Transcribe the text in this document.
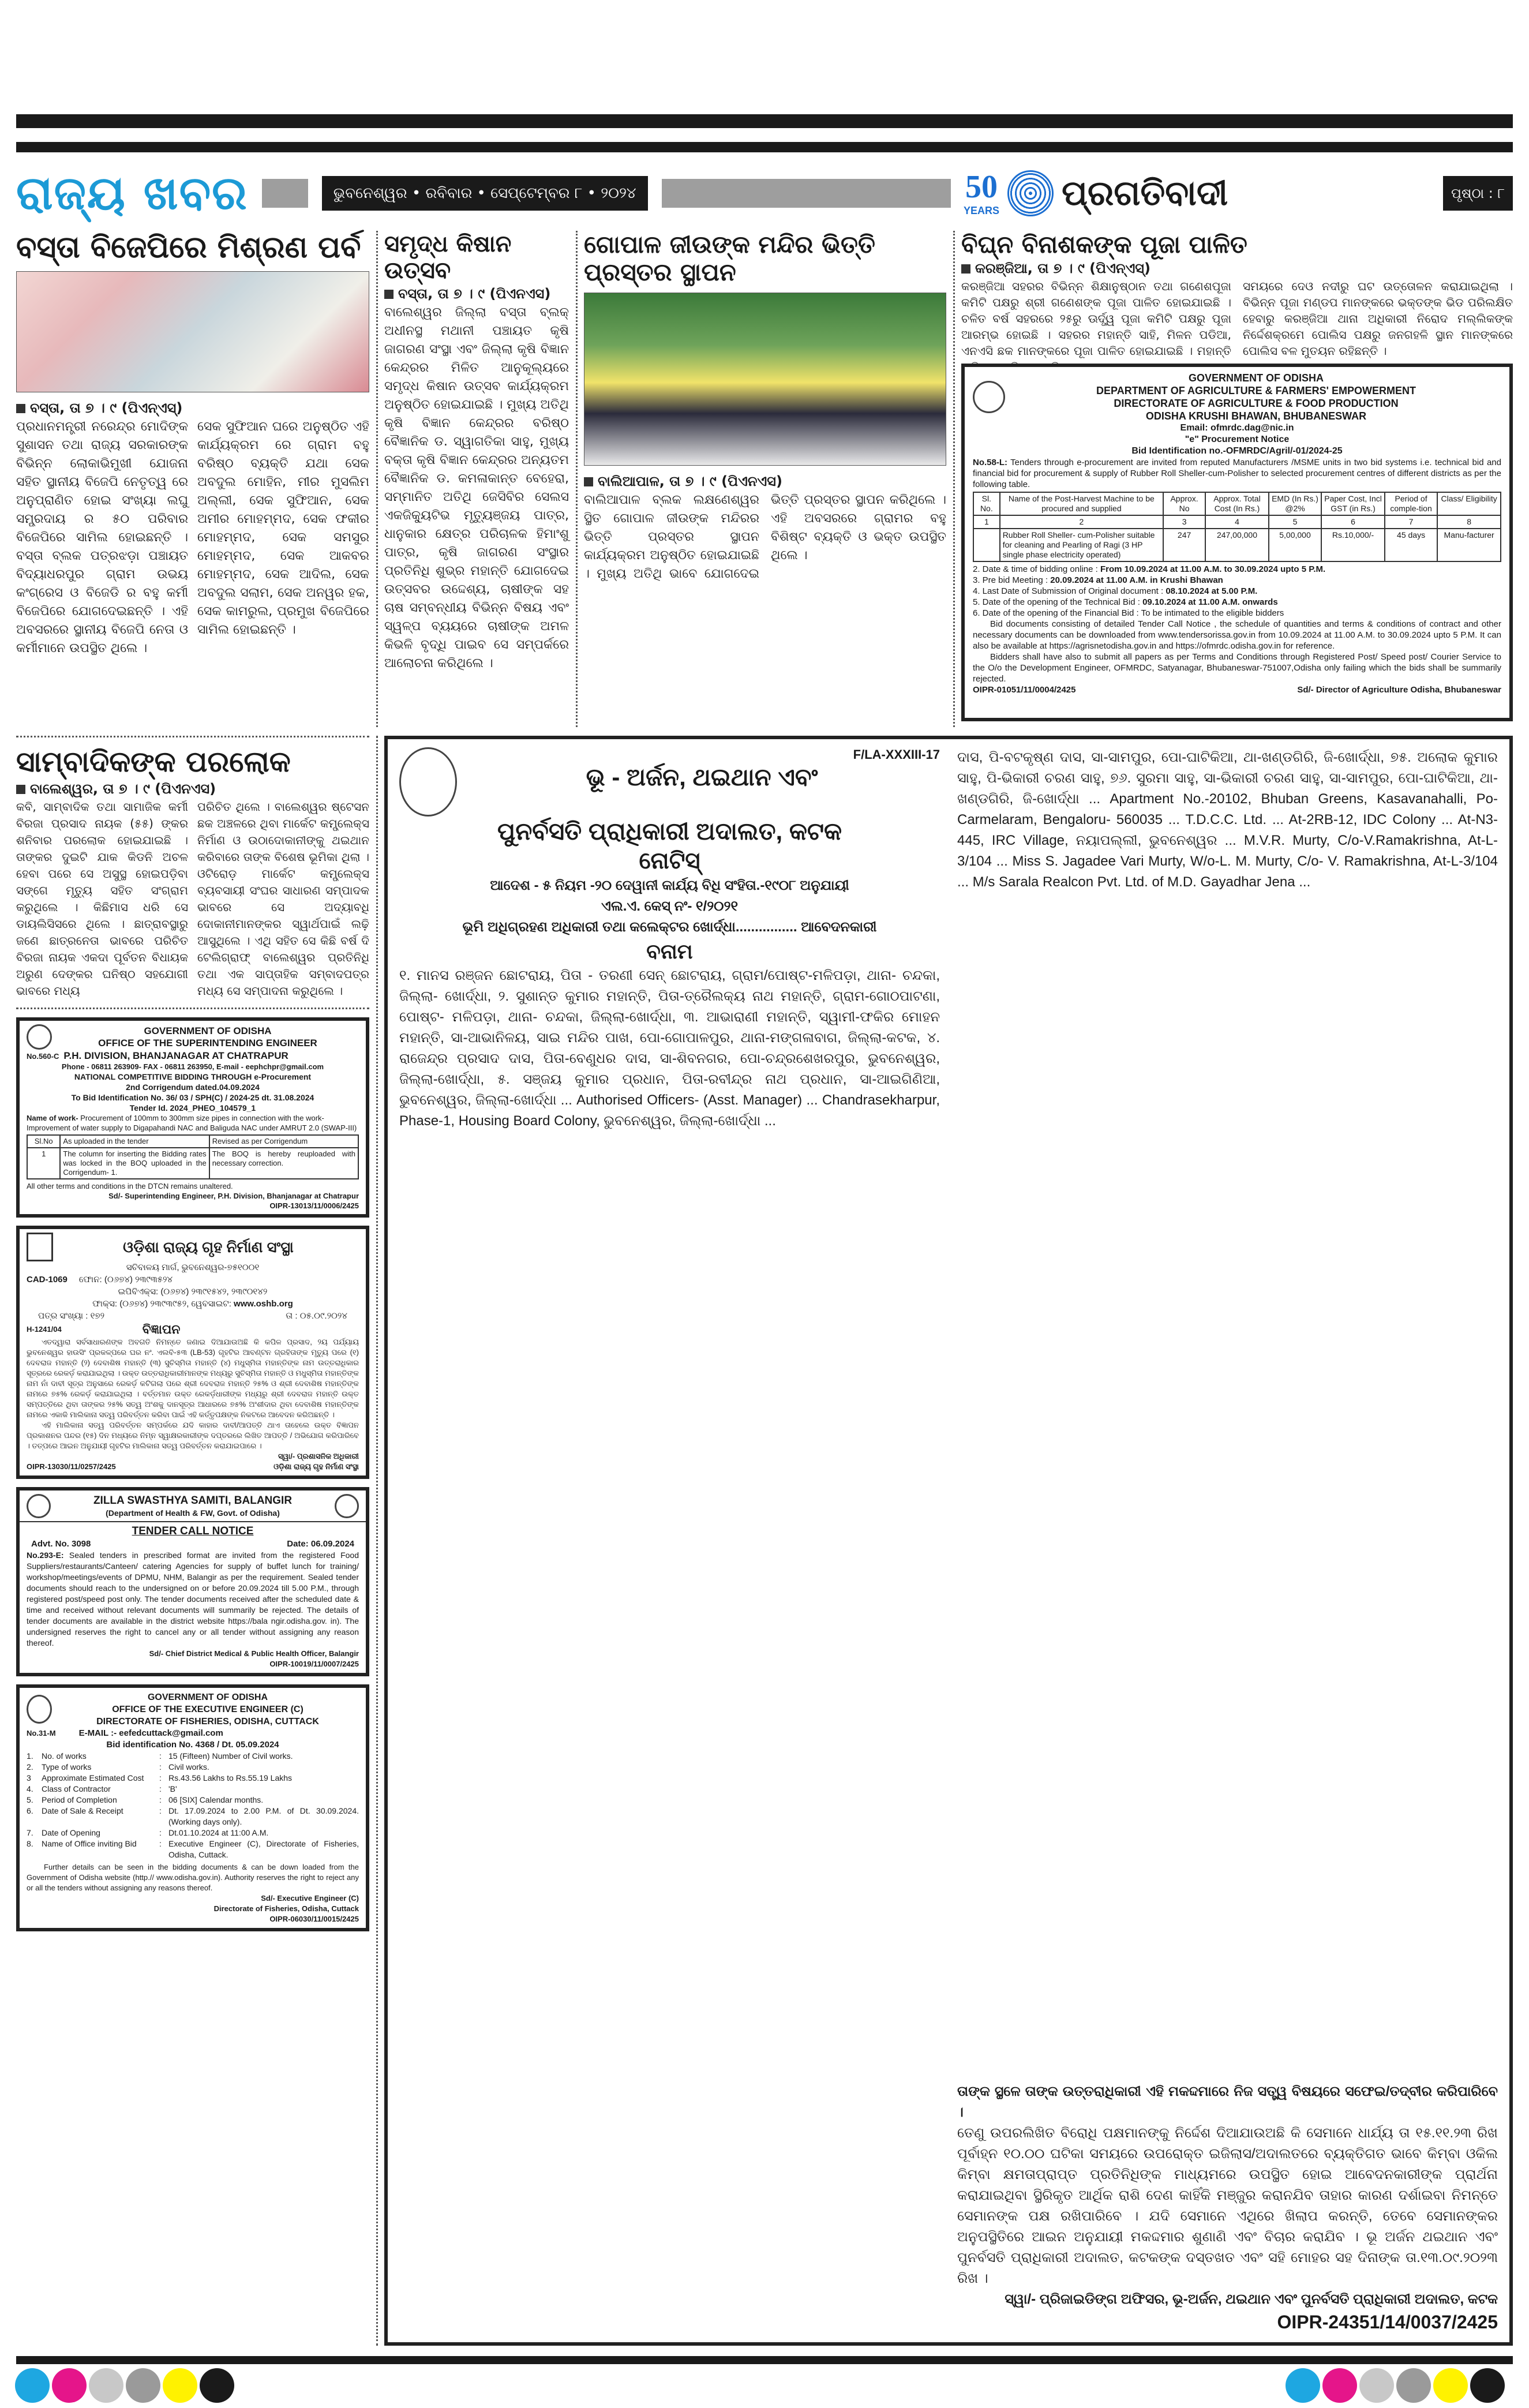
ରାଜ୍ୟ ଖବର	ଭୁବନେଶ୍ୱର • ରବିବାର • ସେପ୍ଟେମ୍ବର ୮ • ୨୦୨୪	50
YEARS ପ୍ରଗତିବାଦୀ	ପୃଷ୍ଠା : ୮
ବସ୍ତା ବିଜେପିରେ ମିଶ୍ରଣ ପର୍ବ
ବସ୍ତା, ତା ୭ । ୯ (ପିଏନ୍ଏସ୍)
ପ୍ରଧାନମନ୍ତ୍ରୀ ନରେନ୍ଦ୍ର ମୋଦିଙ୍କ ସୁଶାସନ ତଥା ରାଜ୍ୟ ସରକାରଙ୍କ ବିଭିନ୍ନ ଲୋକାଭିମୁଖୀ ଯୋଜନା ସହିତ ସ୍ଥାନୀୟ ବିଜେପି ନେତୃତ୍ୱ ରେ ଅନୁପ୍ରାଣିତ ହୋଇ ସଂଖ୍ୟା ଲଘୁ ସମ୍ପ୍ରଦାୟ ର ୫୦ ପରିବାର ବିଜେପିରେ ସାମିଲ ହୋଇଛନ୍ତି । ବସ୍ତା ବ୍ଲକ ପତ୍ରଝଡ଼ା ପଞ୍ଚାୟତ ବିଦ୍ୟାଧରପୁର ଗ୍ରାମ ଉଭୟ କଂଗ୍ରେସ ଓ ବିଜେଡି ର ବହୁ କର୍ମୀ ବିଜେପିରେ ଯୋଗଦେଇଛନ୍ତି । ଏହି ଅବସରରେ ସ୍ଥାନୀୟ ବିଜେପି ନେତା ଓ କର୍ମୀମାନେ ଉପସ୍ଥିତ ଥିଲେ ।
ସେକ ସୁଫିଆନ ଘରେ ଅନୁଷ୍ଠିତ ଏହି କାର୍ଯ୍ୟକ୍ରମ ରେ ଗ୍ରାମ ବହୁ ବରିଷ୍ଠ ବ୍ୟକ୍ତି ଯଥା ସେକ ଅବଦୁଲ ମୋହିନ, ମୀର ମୁସଲିମ ଅଲ୍ଲୀ, ସେକ ସୁଫିଆନ, ସେକ ଅମୀର ମୋହମ୍ମଦ, ସେକ ଫକୀର ମୋହମ୍ମଦ, ସେକ ସମସୁର ମୋହମ୍ମଦ, ସେକ ଆକବର ମୋହମ୍ମଦ, ସେକ ଆଦିଲ, ସେକ ଅବଦୁଲ ସଲାମ, ସେକ ଅନୱର ହକ, ସେକ କାମରୁଲ, ପ୍ରମୁଖ ବିଜେପିରେ ସାମିଲ ହୋଇଛନ୍ତି ।
ସମୃଦ୍ଧ କିଷାନ ଉତ୍ସବ
ବସ୍ତା, ତା ୭ । ୯ (ପିଏନଏସ)
ବାଲେଶ୍ୱର ଜିଲ୍ଲା ବସ୍ତା ବ୍ଲକ୍ ଅଧୀନସ୍ଥ ମଥାନୀ ପଞ୍ଚାୟତ କୃଷି ଜାଗରଣ ସଂସ୍ଥା ଏବଂ ଜିଲ୍ଲା କୃଷି ବିଜ୍ଞାନ କେନ୍ଦ୍ରର ମିଳିତ ଆନୁକୂଲ୍ୟରେ ସମୃଦ୍ଧ କିଷାନ ଉତ୍ସବ କାର୍ଯ୍ୟକ୍ରମ ଅନୁଷ୍ଠିତ ହୋଇଯାଇଛି । ମୁଖ୍ୟ ଅତିଥି କୃଷି ବିଜ୍ଞାନ କେନ୍ଦ୍ରର ବରିଷ୍ଠ ବୈଜ୍ଞାନିକ ଡ. ସ୍ୱାଗତିକା ସାହୁ, ମୁଖ୍ୟ ବକ୍ତା କୃଷି ବିଜ୍ଞାନ କେନ୍ଦ୍ରର ଅନ୍ୟତମ ବୈଜ୍ଞାନିକ ଡ. କମଳାକାନ୍ତ ବେହେରା, ସମ୍ମାନିତ ଅତିଥି ଜେସିବିର ସେଲସ ଏକଜିକ୍ୟୁଟିଭ ମୃତ୍ୟୁଞ୍ଜୟ ପାତ୍ର, ଧାନୁକାର କ୍ଷେତ୍ର ପରିଚାଳକ ହିମାଂଶୁ ପାତ୍ର, କୃଷି ଜାଗରଣ ସଂସ୍ଥାର ପ୍ରତିନିଧି ଶୁଭ୍ର ମହାନ୍ତି ଯୋଗଦେଇ ଉତ୍ସବର ଉଦ୍ଦେଶ୍ୟ, ଚାଷୀଙ୍କ ସହ ଚାଷ ସମ୍ବନ୍ଧୀୟ ବିଭିନ୍ନ ବିଷୟ ଏବଂ ସ୍ୱଳ୍ପ ବ୍ୟୟରେ ଚାଷୀଙ୍କ ଅମଳ କିଭଳି ବୃଦ୍ଧି ପାଇବ ସେ ସମ୍ପର୍କରେ ଆଲୋଚନା କରିଥିଲେ ।
ଗୋପାଳ ଜୀଉଙ୍କ ମନ୍ଦିର ଭିତ୍ତି ପ୍ରସ୍ତର ସ୍ଥାପନ
ବାଲିଆପାଳ, ତା ୭ । ୯ (ପିଏନଏସ)
ବାଲିଆପାଳ ବ୍ଲକ ଲକ୍ଷଣେଶ୍ୱର ସ୍ଥିତ ଗୋପାଳ ଜୀଉଙ୍କ ମନ୍ଦିରର ଭିତ୍ତି ପ୍ରସ୍ତର ସ୍ଥାପନ କାର୍ଯ୍ୟକ୍ରମ ଅନୁଷ୍ଠିତ ହୋଇଯାଇଛି । ମୁଖ୍ୟ ଅତିଥି ଭାବେ ଯୋଗଦେଇ ଭିତ୍ତି ପ୍ରସ୍ତର ସ୍ଥାପନ କରିଥିଲେ । ଏହି ଅବସରରେ ଗ୍ରାମର ବହୁ ବିଶିଷ୍ଟ ବ୍ୟକ୍ତି ଓ ଭକ୍ତ ଉପସ୍ଥିତ ଥିଲେ ।
ବିଘ୍ନ ବିନାଶକଙ୍କ ପୂଜା ପାଳିତ
କରଞ୍ଜିଆ, ତା ୭ । ୯ (ପିଏନ୍ଏସ୍)
କରଞ୍ଜିଆ ସହରର ବିଭିନ୍ନ ଶିକ୍ଷାନୁଷ୍ଠାନ ତଥା ଗଣେଶପୂଜା କମିଟି ପକ୍ଷରୁ ଶ୍ରୀ ଗଣେଶଙ୍କ ପୂଜା ପାଳିତ ହୋଇଯାଇଛି । ଚଳିତ ବର୍ଷ ସହରରେ ୨୫ରୁ ଊର୍ଦ୍ଧ୍ୱ ପୂଜା କମିଟି ପକ୍ଷରୁ ପୂଜା ଆରମ୍ଭ ହୋଇଛି । ସହରର ମହାନ୍ତି ସାହି, ମିଳନ ପଡିଆ, ଏନଏସି ଛକ ମାନଙ୍କରେ ପୂଜା ପାଳିତ ହୋଇଯାଇଛି । ମହାନ୍ତି
ସମୟରେ ଦେଓ ନଦୀରୁ ଘଟ ଉତ୍ତୋଳନ କରାଯାଇଥିଲା । ବିଭିନ୍ନ ପୂଜା ମଣ୍ଡପ ମାନଙ୍କରେ ଭକ୍ତଙ୍କ ଭିଡ ପରିଲକ୍ଷିତ ହେବାରୁ କରଞ୍ଜିଆ ଥାନା ଅଧିକାରୀ ନିରୋଦ ମଲ୍ଲିକଙ୍କ ନିର୍ଦ୍ଦେଶକ୍ରମେ ପୋଲିସ ପକ୍ଷରୁ ଜନଗହଳି ସ୍ଥାନ ମାନଙ୍କରେ ପୋଲିସ ବଳ ମୁତୟନ ରହିଛନ୍ତି ।
GOVERNMENT OF ODISHA
DEPARTMENT OF AGRICULTURE & FARMERS' EMPOWERMENT
DIRECTORATE OF AGRICULTURE & FOOD PRODUCTION
ODISHA KRUSHI BHAWAN, BHUBANESWAR
Email: ofmrdc.dag@nic.in
"e" Procurement Notice
Bid Identification no.-OFMRDC/Agril/-01/2024-25
No.58-L: Tenders through e-procurement are invited from reputed Manufacturers /MSME units in two bid systems i.e. technical bid and financial bid for procurement & supply of Rubber Roll Sheller-cum-Polisher to selected procurement centres of different districts as per the following table.
Sl. No.	Name of the Post-Harvest Machine to be procured and supplied	Approx. No	Approx. Total Cost (In Rs.)	EMD (In Rs.) @2%	Paper Cost, Incl GST (in Rs.)	Period of comple-tion	Class/ Eligibility
1	2	3	4	5	6	7	8
	Rubber Roll Sheller- cum-Polisher suitable for cleaning and Pearling of Ragi (3 HP single phase electricity operated)	247	247,00,000	5,00,000	Rs.10,000/-	45 days	Manu-facturer
2. Date & time of bidding online : From 10.09.2024 at 11.00 A.M. to 30.09.2024 upto 5 P.M.
3. Pre bid Meeting : 20.09.2024 at 11.00 A.M. in Krushi Bhawan
4. Last Date of Submission of Original document : 08.10.2024 at 5.00 P.M.
5. Date of the opening of the Technical Bid : 09.10.2024 at 11.00 A.M. onwards
6. Date of the opening of the Financial Bid : To be intimated to the eligible bidders
Bid documents consisting of detailed Tender Call Notice , the schedule of quantities and terms & conditions of contract and other necessary documents can be downloaded from www.tendersorissa.gov.in from 10.09.2024 at 11.00 A.M. to 30.09.2024 upto 5 P.M. It can also be available at https://agrisnetodisha.gov.in and https://ofmrdc.odisha.gov.in for reference.
Bidders shall have also to submit all papers as per Terms and Conditions through Registered Post/ Speed post/ Courier Service to the O/o the Development Engineer, OFMRDC, Satyanagar, Bhubaneswar-751007,Odisha only failing which the bids shall be summarily rejected.
OIPR-01051/11/0004/2425	Sd/- Director of Agriculture Odisha, Bhubaneswar
ସାମ୍ବାଦିକଙ୍କ ପରଲୋକ
ବାଲେଶ୍ୱର, ତା ୭ । ୯ (ପିଏନଏସ)
କବି, ସାମ୍ବାଦିକ ତଥା ସାମାଜିକ କର୍ମୀ ବିରଜା ପ୍ରସାଦ ନାୟକ (୫୫) ଙ୍କର ଶନିବାର ପରଲୋକ ହୋଇଯାଇଛି । ତାଙ୍କର ଦୁଇଟି ଯାକ କିଡନି ଅଚଳ ହେବା ପରେ ସେ ଅସୁସ୍ଥ ହୋଇପଡ଼ିବା ସଙ୍ଗେ ମୃତ୍ୟୁ ସହିତ ସଂଗ୍ରାମ କରୁଥିଲେ । କିଛିମାସ ଧରି ସେ ଡାୟଲିସିସରେ ଥିଲେ । ଛାତ୍ରାବସ୍ଥାରୁ ଜଣେ ଛାତ୍ରନେତା ଭାବରେ ପରିଚିତ ବିରଜା ନାୟକ ଏକଦା ପୂର୍ବତନ ବିଧାୟକ ଅରୁଣ ଦେଙ୍କର ଘନିଷ୍ଠ ସହଯୋଗୀ ଭାବରେ ମଧ୍ୟ
ପରିଚିତ ଥିଲେ । ବାଲେଶ୍ୱର ଷ୍ଟେସନ ଛକ ଅଞ୍ଚଳରେ ଥିବା ମାର୍କେଟ କମ୍ପ୍ଲେକ୍ସ ନିର୍ମାଣ ଓ ଉଠାଦୋକାନୀଙ୍କୁ ଥଇଥାନ କରିବାରେ ତାଙ୍କ ବିଶେଷ ଭୂମିକା ଥିଲା । ଓଟିରୋଡ଼ ମାର୍କେଟ କମ୍ପ୍ଲେକ୍ସ ବ୍ୟବସାୟୀ ସଂଘର ସାଧାରଣ ସମ୍ପାଦକ ଭାବରେ ସେ ଅଦ୍ୟାବଧି ଦୋକାନୀମାନଙ୍କର ସ୍ୱାର୍ଥପାଇଁ ଲଢ଼ି ଆସୁଥିଲେ । ଏଥି ସହିତ ସେ କିଛି ବର୍ଷ ଦି ଟେଲିଗ୍ରାଫ୍ ବାଲେଶ୍ୱର ପ୍ରତିନିଧି ତଥା ଏକ ସାପ୍ତାହିକ ସମ୍ବାଦପତ୍ର ମଧ୍ୟ ସେ ସମ୍ପାଦନା କରୁଥିଲେ ।
GOVERNMENT OF ODISHA
OFFICE OF THE SUPERINTENDING ENGINEER
No.560-C P.H. DIVISION, BHANJANAGAR AT CHATRAPUR
Phone - 06811 263909- FAX - 06811 263950, E-mail - eephchpr@gmail.com
NATIONAL COMPETITIVE BIDDING THROUGH e-Procurement
2nd Corrigendum dated.04.09.2024
To Bid Identification No. 36/ 03 / SPH(C) / 2024-25 dt. 31.08.2024
Tender Id. 2024_PHEO_104579_1
Name of work- Procurement of 100mm to 300mm size pipes in connection with the work- Improvement of water supply to Digapahandi NAC and Baliguda NAC under AMRUT 2.0 (SWAP-III)
Sl.No	As uploaded in the tender	Revised as per Corrigendum
1	The column for inserting the Bidding rates was locked in the BOQ uploaded in the Corrigendum- 1.	The BOQ is hereby reuploaded with necessary correction.
All other terms and conditions in the DTCN remains unaltered.
Sd/- Superintending Engineer, P.H. Division, Bhanjanagar at Chatrapur
OIPR-13013/11/0006/2425
ଓଡ଼ିଶା ରାଜ୍ୟ ଗୃହ ନିର୍ମାଣ ସଂସ୍ଥା
ସଚିବାଳୟ ମାର୍ଗ, ଭୁବନେଶ୍ୱର-୭୫୧୦୦୧
CAD-1069 ଫୋନ: (୦୬୭୪) ୨୩୯୩୫୨୪
ଇପିବିଏକ୍ସ: (୦୬୭୪) ୨୩୯୧୫୪୨, ୨୩୯୦୧୪୨
ଫାକ୍ସ: (୦୬୭୪) ୨୩୯୩୯୫୨, ୱେବସାଇଟ: www.oshb.org
ପତ୍ର ସଂଖ୍ୟା : ୧୭୨	ତା : ୦୫.୦୯.୨୦୨୪
H-1241/04	ବିଜ୍ଞାପନ
ଏତଦ୍ୱାରା ସର୍ବସାଧାରଣଙ୍କ ଅବଗତି ନିମନ୍ତେ ଜଣାଇ ଦିଆଯାଉଅଛି କି କପିଳ ପ୍ରସାଦ, ୨ୟ ପର୍ଯ୍ୟାୟ ଭୁବନେଶ୍ୱର ହାଉସିଂ ପ୍ରକଳ୍ପରେ ଘର ନଂ. ଏଲବି-୫୩ (LB-53) ଗୃହଟିର ଆବଣ୍ଟନ ଗ୍ରହିତାଙ୍କ ମୃତ୍ୟୁ ପରେ (୧) ଦେବରାଜ ମହାନ୍ତି (୨) ଦେବାଶିଷ ମହାନ୍ତି (୩) ସୁଚିସ୍ମିତା ମହାନ୍ତି (୪) ମଧୁସ୍ମିତା ମହାନ୍ତିଙ୍କ ନାମ ଉତ୍ତରାଧିକାର ସୂତ୍ରରେ ରେକର୍ଡ଼ କରାଯାଇଥିଲା । ଉକ୍ତ ଉତ୍ତରାଧିକାରୀମାନଙ୍କ ମଧ୍ୟରୁ ସୁଚିସ୍ମିତା ମହାନ୍ତି ଓ ମଧୁସ୍ମିତା ମହାନ୍ତିଙ୍କ ନାମ ନାଁ ଦାବୀ ସୂତ୍ର ଅନୁସାରେ ରେକର୍ଡ଼ କଟିଗଲା ପରେ ଶ୍ରୀ ଦେବରାଜ ମହାନ୍ତି ୨୫% ଓ ଶ୍ରୀ ଦେବାଶିଷ ମହାନ୍ତିଙ୍କ ନାମରେ ୭୫% ରେକର୍ଡ଼ କରାଯାଇଥିଲା । ବର୍ତ୍ତମାନ ଉକ୍ତ ରେକର୍ଡ଼ଧାରୀଙ୍କ ମଧ୍ୟରୁ ଶ୍ରୀ ଦେବରାଜ ମହାନ୍ତି ଉକ୍ତ ସମ୍ପତ୍ତିରେ ଥିବା ତାଙ୍କର ୨୫% ସତ୍ୱ ଅଂଶକୁ ଦାନସୂତ୍ର ଆଧାରରେ ୭୫% ଅଂଶୀଦାର ଥିବା ଦେବାଶିଷ ମହାନ୍ତିଙ୍କ ନାମରେ ଏକାକି ମାଲିକାନା ସତ୍ୱ ପରିବର୍ତ୍ତନ କରିବା ପାଇଁ ଏହି କର୍ତ୍ତୃପକ୍ଷଙ୍କ ନିକଟରେ ଆବେଦନ କରିଅଛନ୍ତି ।
ଏହି ମାଲିକାନା ସତ୍ୱ ପରିବର୍ତ୍ତନ ସମ୍ପର୍କରେ ଯଦି କାହାର ଦାବୀ/ଆପତ୍ତି ଥାଏ ତାହେଲେ ଉକ୍ତ ବିଜ୍ଞାପନ ପ୍ରକାଶନର ପନ୍ଦର (୧୫) ଦିନ ମଧ୍ୟରେ ନିମ୍ନ ସ୍ୱାକ୍ଷରକାରୀଙ୍କ ଦପ୍ତରରେ ଲିଖିତ ଆପତ୍ତି / ଅଭିଯୋଗ କରିପାରିବେ । ତତ୍ପରେ ଆଇନ ଅନୁଯାୟୀ ଗୃହଟିର ମାଲିକାନା ସତ୍ୱ ପରିବର୍ତ୍ତନ କରାଯାଇପାରେ ।
ସ୍ୱା/- ପ୍ରଶାସନିକ ଅଧିକାରୀ
OIPR-13030/11/0257/2425	ଓଡ଼ିଶା ରାଜ୍ୟ ଗୃହ ନିର୍ମାଣ ସଂସ୍ଥା
ZILLA SWASTHYA SAMITI, BALANGIR
(Department of Health & FW, Govt. of Odisha)
TENDER CALL NOTICE
Advt. No. 3098	Date: 06.09.2024
No.293-E: Sealed tenders in prescribed format are invited from the registered Food Suppliers/restaurants/Canteen/ catering Agencies for supply of buffet lunch for training/ workshop/meetings/events of DPMU, NHM, Balangir as per the requirement. Sealed tender documents should reach to the undersigned on or before 20.09.2024 till 5.00 P.M., through registered post/speed post only. The tender documents received after the scheduled date & time and received without relevant documents will summarily be rejected. The details of tender documents are available in the district website https://bala ngir.odisha.gov. in). The undersigned reserves the right to cancel any or all tender without assigning any reason thereof.
Sd/- Chief District Medical & Public Health Officer, Balangir
OIPR-10019/11/0007/2425
GOVERNMENT OF ODISHA
OFFICE OF THE EXECUTIVE ENGINEER (C)
DIRECTORATE OF FISHERIES, ODISHA, CUTTACK
No.31-M	E-MAIL :- eefedcuttack@gmail.com
Bid identification No. 4368 / Dt. 05.09.2024
1.	No. of works	: 15 (Fifteen) Number of Civil works.
2.	Type of works	: Civil works.
3	Approximate Estimated Cost	: Rs.43.56 Lakhs to Rs.55.19 Lakhs
4.	Class of Contractor	: 'B'
5.	Period of Completion	: 06 [SIX] Calendar months.
6.	Date of Sale & Receipt	: Dt. 17.09.2024 to 2.00 P.M. of Dt. 30.09.2024. (Working days only).
7.	Date of Opening	: Dt.01.10.2024 at 11:00 A.M.
8.	Name of Office inviting Bid	: Executive Engineer (C), Directorate of Fisheries, Odisha, Cuttack.
Further details can be seen in the bidding documents & can be down loaded from the Government of Odisha website (http.// www.odisha.gov.in). Authority reserves the right to reject any or all the tenders without assigning any reasons thereof.
Sd/- Executive Engineer (C)
Directorate of Fisheries, Odisha, Cuttack
OIPR-06030/11/0015/2425
F/LA-XXXIII-17
ଭୂ - ଅର୍ଜନ, ଥଇଥାନ ଏବଂ
ପୁନର୍ବସତି ପ୍ରାଧିକାରୀ ଅଦାଲତ, କଟକ
ନୋଟିସ୍
ଆଦେଶ - ୫ ନିୟମ -୨୦ ଦେୱାନୀ କାର୍ଯ୍ୟ ବିଧି ସଂହିତା.-୧୯୦୮ ଅନୁଯାୟୀ
ଏଲ.ଏ. କେସ୍ ନଂ- ୧/୨୦୨୧
ଭୂମି ଅଧିଗ୍ରହଣ ଅଧିକାରୀ ତଥା କଲେକ୍ଟର ଖୋର୍ଦ୍ଧା................ ଆବେଦନକାରୀ
ବନାମ
୧. ମାନସ ରଞ୍ଜନ ଛୋଟରାୟ, ପିତା - ତରଣୀ ସେନ୍ ଛୋଟରାୟ, ଗ୍ରାମ/ପୋଷ୍ଟ-ମଳିପଡ଼ା, ଥାନା- ଚନ୍ଦକା, ଜିଲ୍ଲା- ଖୋର୍ଦ୍ଧା, ୨. ସୁଶାନ୍ତ କୁମାର ମହାନ୍ତି, ପିତା-ତ୍ରୈଲକ୍ୟ ନାଥ ମହାନ୍ତି, ଗ୍ରାମ-ଗୋଠପାଟଣା, ପୋଷ୍ଟ- ମଳିପଡ଼ା, ଥାନା- ଚନ୍ଦକା, ଜିଲ୍ଲା-ଖୋର୍ଦ୍ଧା, ୩. ଆଭାରାଣୀ ମହାନ୍ତି, ସ୍ୱାମୀ-ଫକିର ମୋହନ ମହାନ୍ତି, ସା-ଆଭାନିଳୟ, ସାଇ ମନ୍ଦିର ପାଖ, ପୋ-ଗୋପାଳପୁର, ଥାନା-ମଙ୍ଗଳାବାଗ, ଜିଲ୍ଲା-କଟକ, ୪. ରାଜେନ୍ଦ୍ର ପ୍ରସାଦ ଦାସ, ପିତା-ବେଣୁଧର ଦାସ, ସା-ଶିବନଗର, ପୋ-ଚନ୍ଦ୍ରଶେଖରପୁର, ଭୁବନେଶ୍ୱର, ଜିଲ୍ଲା-ଖୋର୍ଦ୍ଧା, ୫. ସଞ୍ଜୟ କୁମାର ପ୍ରଧାନ, ପିତା-ରବୀନ୍ଦ୍ର ନାଥ ପ୍ରଧାନ, ସା-ଆଇଗିଣିଆ, ଭୁବନେଶ୍ୱର, ଜିଲ୍ଲା-ଖୋର୍ଦ୍ଧା ... Authorised Officers- (Asst. Manager) ... Chandrasekharpur, Phase-1, Housing Board Colony, ଭୁବନେଶ୍ୱର, ଜିଲ୍ଲା-ଖୋର୍ଦ୍ଧା ...
ଦାସ, ପି-ବଟକୃଷ୍ଣ ଦାସ, ସା-ସାମପୁର, ପୋ-ଘାଟିକିଆ, ଥା-ଖଣ୍ଡଗିରି, ଜି-ଖୋର୍ଦ୍ଧା, ୭୫. ଅଲୋକ କୁମାର ସାହୁ, ପି-ଭିକାରୀ ଚରଣ ସାହୁ, ୭୬. ସୁରମା ସାହୁ, ସା-ଭିକାରୀ ଚରଣ ସାହୁ, ସା-ସାମପୁର, ପୋ-ଘାଟିକିଆ, ଥା-ଖଣ୍ଡଗିରି, ଜି-ଖୋର୍ଦ୍ଧା ... Apartment No.-20102, Bhuban Greens, Kasavanahalli, Po-Carmelaram, Bengaloru- 560035 ... T.D.C.C. Ltd. ... At-2RB-12, IDC Colony ... At-N3-445, IRC Village, ନୟାପଲ୍ଲୀ, ଭୁବନେଶ୍ୱର ... M.V.R. Murty, C/o-V.Ramakrishna, At-L-3/104 ... Miss S. Jagadee Vari Murty, W/o-L. M. Murty, C/o- V. Ramakrishna, At-L-3/104 ... M/s Sarala Realcon Pvt. Ltd. of M.D. Gayadhar Jena ...
ତାଙ୍କ ସ୍ଥଳେ ତାଙ୍କ ଉତ୍ତରାଧିକାରୀ ଏହି ମକଦ୍ଦମାରେ ନିଜ ସତ୍ତ୍ୱ ବିଷୟରେ ସଫେଇ/ତଦ୍ବୀର କରିପାରିବେ ।
ତେଣୁ ଉପରଲିଖିତ ବିରୋଧି ପକ୍ଷମାନଙ୍କୁ ନିର୍ଦ୍ଦେଶ ଦିଆଯାଉଅଛି କି ସେମାନେ ଧାର୍ଯ୍ୟ ତା ୧୫.୧୧.୨୩ ରିଖ ପୂର୍ବାହ୍ନ ୧୦.୦୦ ଘଟିକା ସମୟରେ ଉପରୋକ୍ତ ଇଜିଲାସ/ଅଦାଲତରେ ବ୍ୟକ୍ତିଗତ ଭାବେ କିମ୍ବା ଓକିଲ କିମ୍ବା କ୍ଷମତାପ୍ରାପ୍ତ ପ୍ରତିନିଧିଙ୍କ ମାଧ୍ୟମରେ ଉପସ୍ଥିତ ହୋଇ ଆବେଦନକାରୀଙ୍କ ପ୍ରାର୍ଥନା କରାଯାଇଥିବା ସ୍ଥିରିକୃତ ଆର୍ଥିକ ରାଶି ଦେଣ କାହିଁକି ମଞ୍ଜୁର କରାନଯିବ ତାହାର କାରଣ ଦର୍ଶାଇବା ନିମନ୍ତେ ସେମାନଙ୍କ ପକ୍ଷ ରଖିପାରିବେ । ଯଦି ସେମାନେ ଏଥିରେ ଖିଲାପ କରନ୍ତି, ତେବେ ସେମାନଙ୍କର ଅନୁପସ୍ଥିତିରେ ଆଇନ ଅନୁଯାୟୀ ମକଦ୍ଦମାର ଶୁଣାଣି ଏବଂ ବିଚାର କରାଯିବ । ଭୂ ଅର୍ଜନ ଥଇଥାନ ଏବଂ ପୁନର୍ବସତି ପ୍ରାଧିକାରୀ ଅଦାଲତ, କଟକଙ୍କ ଦସ୍ତଖତ ଏବଂ ସହି ମୋହର ସହ ଦିନାଙ୍କ ତା.୧୩.୦୯.୨୦୨୩ ରିଖ ।
ସ୍ୱା/- ପ୍ରିଜାଇଡିଙ୍ଗ ଅଫିସର, ଭୂ-ଅର୍ଜନ, ଥଇଥାନ ଏବଂ ପୁନର୍ବସତି ପ୍ରାଧିକାରୀ ଅଦାଲତ, କଟକ
OIPR-24351/14/0037/2425
